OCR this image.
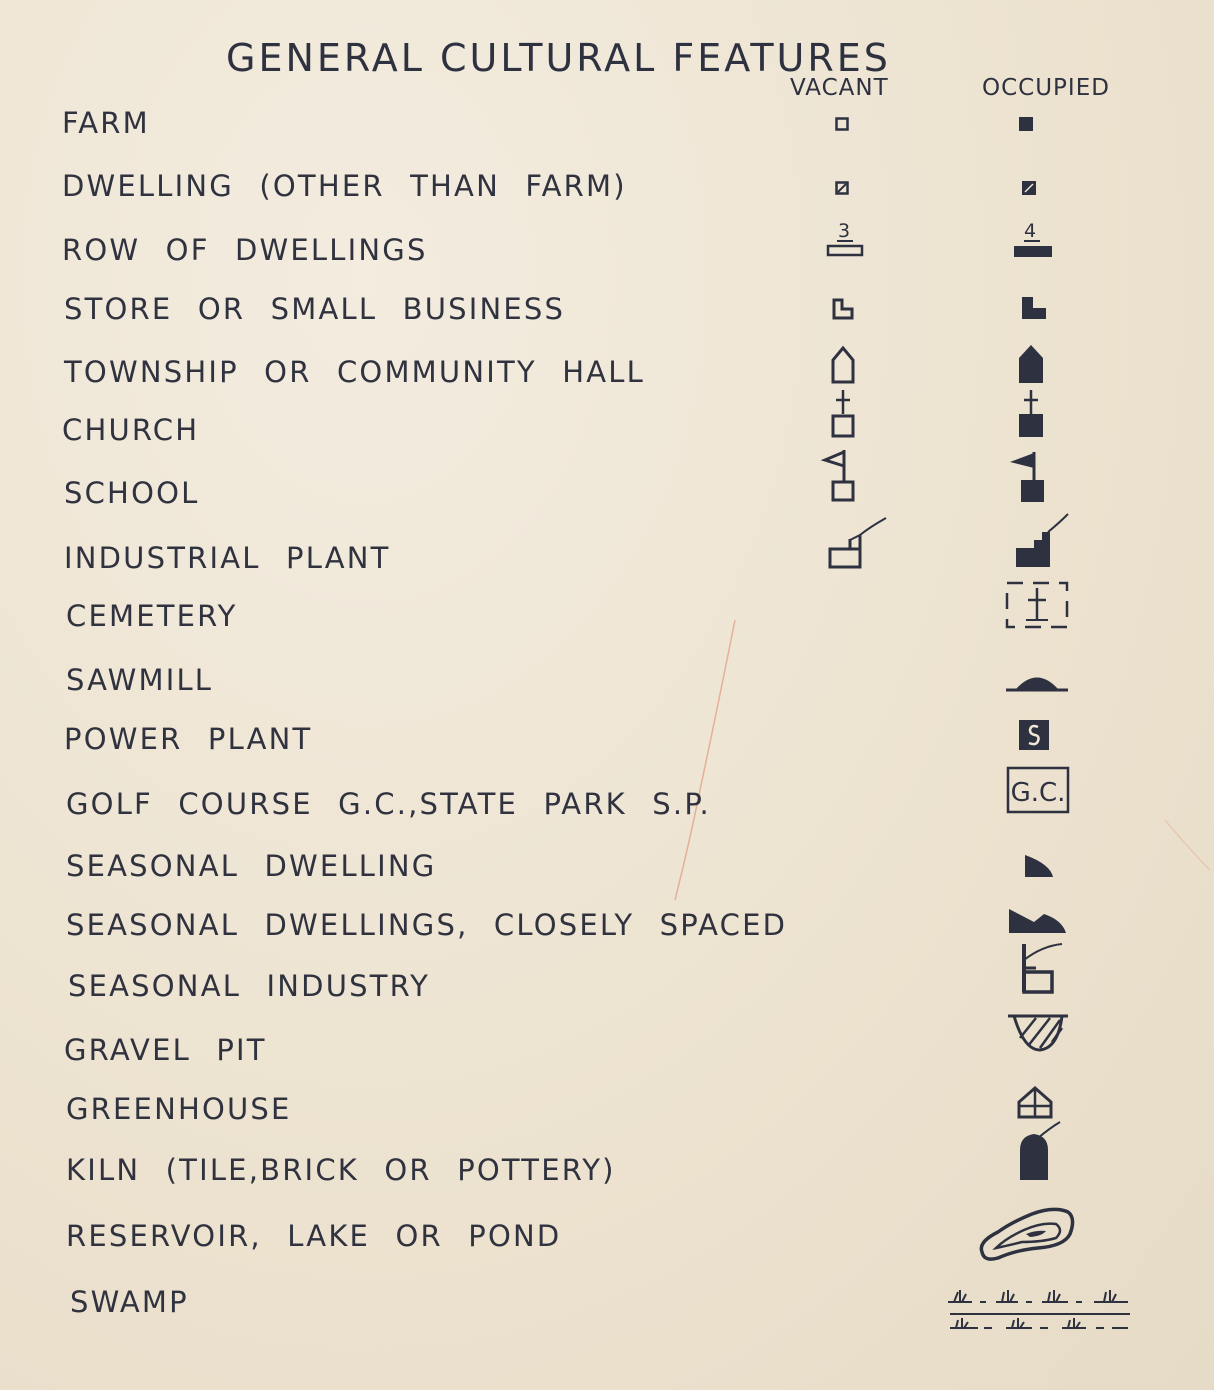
GENERAL CULTURAL FEATURES
VACANT	OCCUPIED
FARM
DWELLING (OTHER THAN FARM)
ROW OF DWELLINGS
STORE OR SMALL BUSINESS
TOWNSHIP OR COMMUNITY HALL
CHURCH
SCHOOL
INDUSTRIAL PLANT
CEMETERY
SAWMILL
POWER PLANT
GOLF COURSE G.C.,STATE PARK S.P.
SEASONAL DWELLING
SEASONAL DWELLINGS, CLOSELY SPACED
SEASONAL INDUSTRY
GRAVEL PIT
GREENHOUSE
KILN (TILE,BRICK OR POTTERY)
RESERVOIR, LAKE OR POND
SWAMP
3	4
G.C.
